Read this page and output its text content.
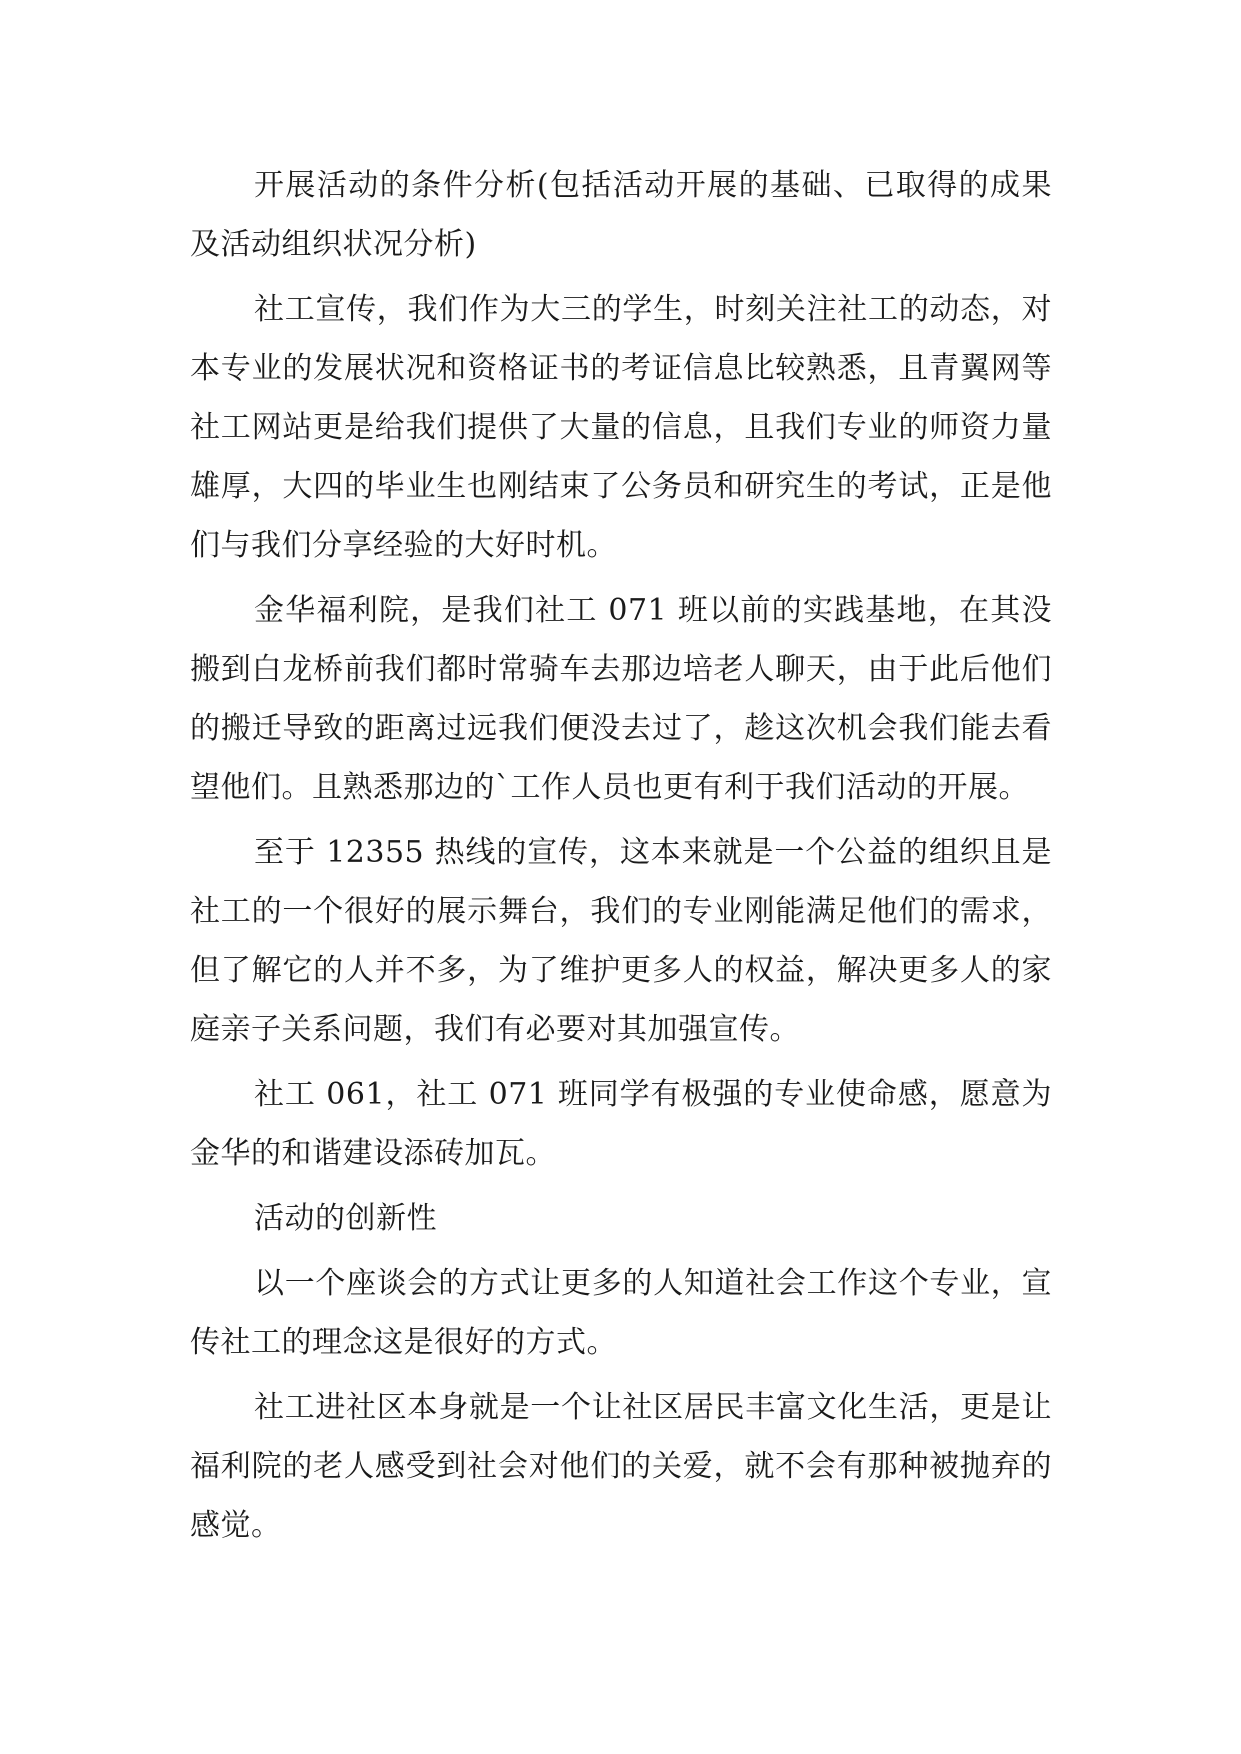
开展活动的条件分析(包括活动开展的基础、已取得的成果及活动组织状况分析)

社工宣传，我们作为大三的学生，时刻关注社工的动态，对本专业的发展状况和资格证书的考证信息比较熟悉，且青翼网等社工网站更是给我们提供了大量的信息，且我们专业的师资力量雄厚，大四的毕业生也刚结束了公务员和研究生的考试，正是他们与我们分享经验的大好时机。

金华福利院，是我们社工 071 班以前的实践基地，在其没搬到白龙桥前我们都时常骑车去那边培老人聊天，由于此后他们的搬迁导致的距离过远我们便没去过了，趁这次机会我们能去看望他们。且熟悉那边的`工作人员也更有利于我们活动的开展。

至于 12355 热线的宣传，这本来就是一个公益的组织且是社工的一个很好的展示舞台，我们的专业刚能满足他们的需求，但了解它的人并不多，为了维护更多人的权益，解决更多人的家庭亲子关系问题，我们有必要对其加强宣传。

社工 061，社工 071 班同学有极强的专业使命感，愿意为金华的和谐建设添砖加瓦。

活动的创新性

以一个座谈会的方式让更多的人知道社会工作这个专业，宣传社工的理念这是很好的方式。

社工进社区本身就是一个让社区居民丰富文化生活，更是让福利院的老人感受到社会对他们的关爱，就不会有那种被抛弃的感觉。
